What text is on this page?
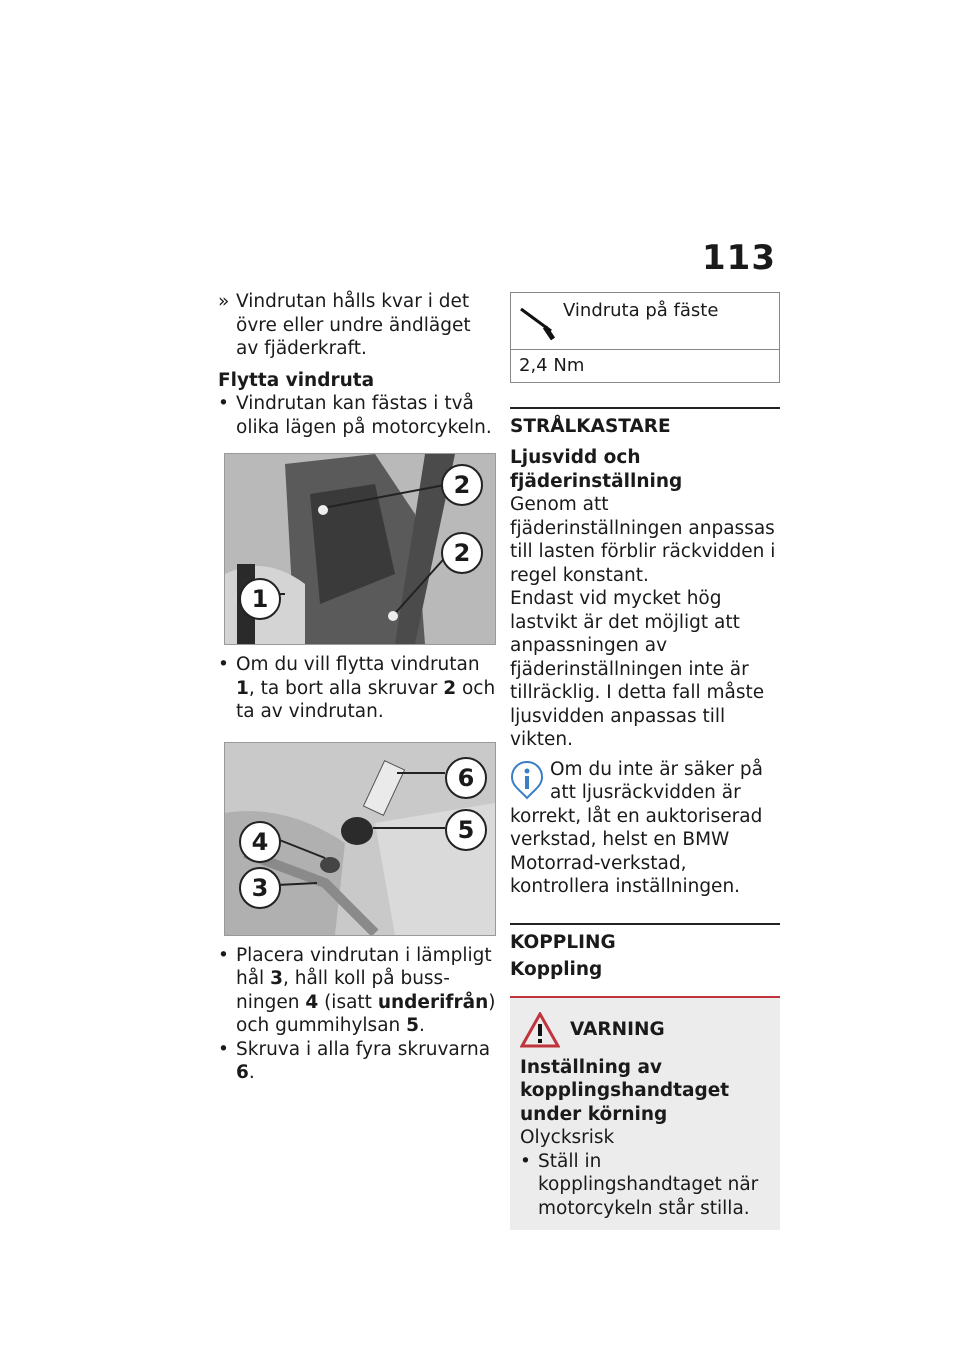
113

» Vindrutan hålls kvar i det övre eller undre ändläget av fjäderkraft.

Flytta vindruta

• Vindrutan kan fästas i två olika lägen på motorcykeln.

2
2
1

• Om du vill flytta vindrutan 1, ta bort alla skruvar 2 och ta av vindrutan.

6
5
4
3

• Placera vindrutan i lämpligt hål 3, håll koll på bussningen 4 (isatt underifrån) och gummihylsan 5.

• Skruva i alla fyra skruvarna 6.

Vindruta på fäste
2,4 Nm
STRÅLKASTARE

Ljusvidd och fjäderinställning

Genom att fjäderinställningen anpassas till lasten förblir räckvidden i regel konstant.

Endast vid mycket hög lastvikt är det möjligt att anpassningen av fjäderinställningen inte är tillräcklig. I detta fall måste ljusvidden anpassas till vikten.

Om du inte är säker på att ljusräckvidden är korrekt, låt en auktoriserad verkstad, helst en BMW Motorrad-verkstad, kontrollera inställningen.
KOPPLING

Koppling

VARNING

Inställning av kopplingshandtaget under körning

Olycksrisk

• Ställ in kopplingshandtaget när motorcykeln står stilla.
